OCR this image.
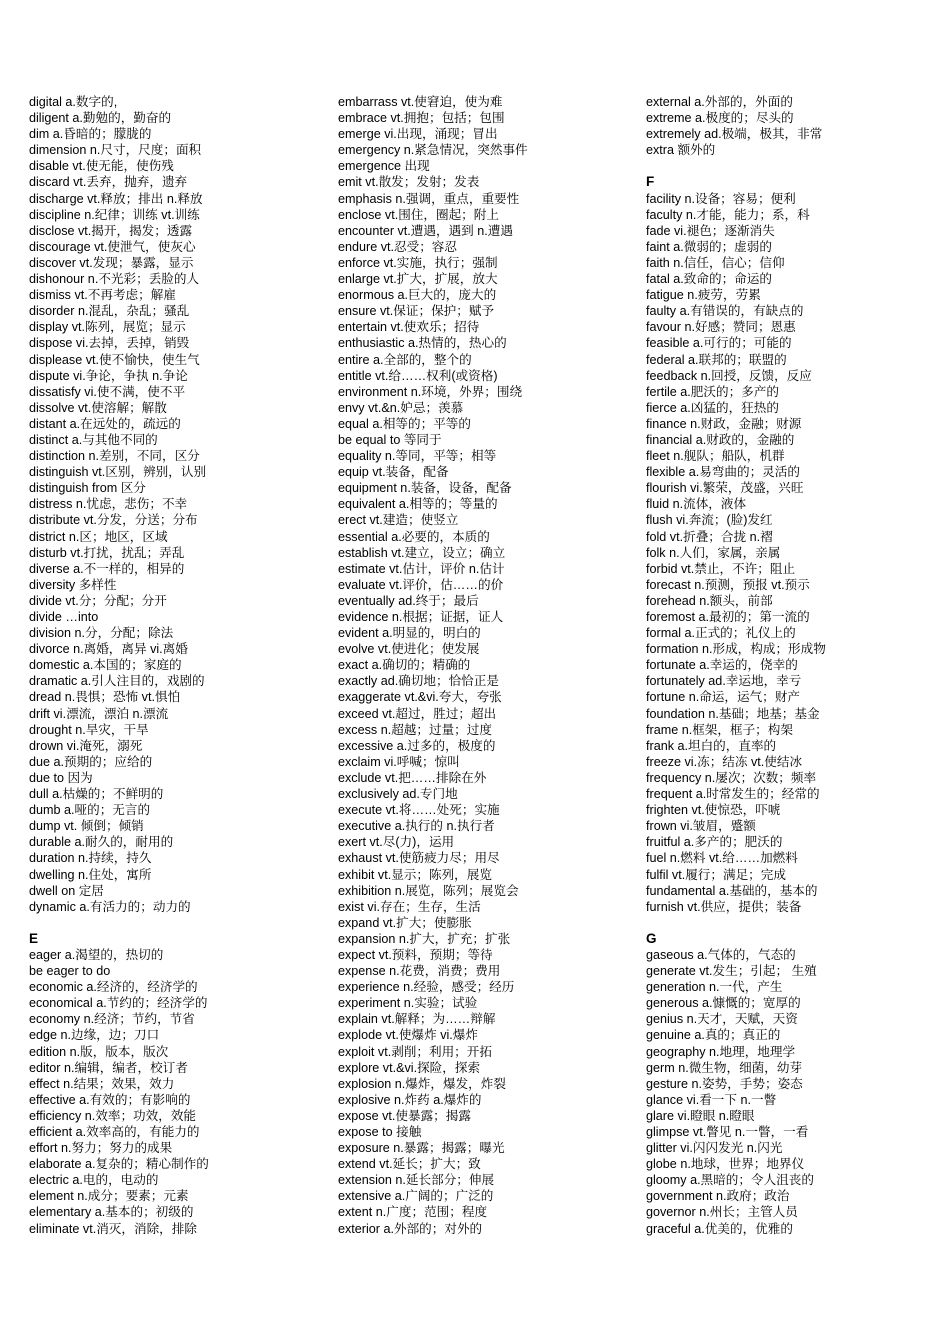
digital a.数字的,
diligent a.勤勉的，勤奋的
dim a.昏暗的；朦胧的
dimension n.尺寸，尺度；面积
disable vt.使无能，使伤残
discard vt.丢弃，抛弃，遗弃
discharge vt.释放；排出 n.释放
discipline n.纪律；训练 vt.训练
disclose vt.揭开，揭发；透露
discourage vt.使泄气，使灰心
discover vt.发现；暴露，显示
dishonour n.不光彩；丢脸的人
dismiss vt.不再考虑；解雇
disorder n.混乱，杂乱；骚乱
display vt.陈列，展览；显示
dispose vi.去掉，丢掉，销毁
displease vt.使不愉快，使生气
dispute vi.争论，争执 n.争论
dissatisfy vi.使不满，使不平
dissolve vt.使溶解；解散
distant a.在远处的，疏远的
distinct a.与其他不同的
distinction n.差别，不同，区分
distinguish vt.区别，辨别，认别
distinguish from 区分
distress n.忧虑，悲伤；不幸
distribute vt.分发，分送；分布
district n.区；地区，区域
disturb vt.打扰，扰乱；弄乱
diverse a.不一样的，相异的
diversity 多样性
divide vt.分；分配；分开
divide …into
division n.分，分配；除法
divorce n.离婚，离异 vi.离婚
domestic a.本国的；家庭的
dramatic a.引人注目的，戏剧的
dread n.畏惧；恐怖 vt.惧怕
drift vi.漂流，漂泊 n.漂流
drought n.旱灾，干旱
drown vi.淹死，溺死
due a.预期的；应给的
due to 因为
dull a.枯燥的；不鲜明的
dumb a.哑的；无言的
dump vt. 倾倒；倾销
durable a.耐久的，耐用的
duration n.持续，持久
dwelling n.住处，寓所
dwell on 定居
dynamic a.有活力的；动力的
E
eager a.渴望的，热切的
be eager to do
economic a.经济的，经济学的
economical a.节约的；经济学的
economy n.经济；节约，节省
edge n.边缘，边；刀口
edition n.版，版本，版次
editor n.编辑，编者，校订者
effect n.结果；效果，效力
effective a.有效的；有影响的
efficiency n.效率；功效，效能
efficient a.效率高的，有能力的
effort n.努力；努力的成果
elaborate a.复杂的；精心制作的
electric a.电的，电动的
element n.成分；要素；元素
elementary a.基本的；初级的
eliminate vt.消灭，消除，排除
embarrass vt.使窘迫，使为难
embrace vt.拥抱；包括；包围
emerge vi.出现，涌现；冒出
emergency n.紧急情况，突然事件
emergence 出现
emit vt.散发；发射；发表
emphasis n.强调，重点，重要性
enclose vt.围住，圈起；附上
encounter vt.遭遇，遇到 n.遭遇
endure vt.忍受；容忍
enforce vt.实施，执行；强制
enlarge vt.扩大，扩展，放大
enormous a.巨大的，庞大的
ensure vt.保证；保护；赋予
entertain vt.使欢乐；招待
enthusiastic a.热情的，热心的
entire a.全部的，整个的
entitle vt.给……权利(或资格)
environment n.环境，外界；围绕
envy vt.&n.妒忌；羡慕
equal a.相等的；平等的
be equal to 等同于
equality n.等同，平等；相等
equip vt.装备，配备
equipment n.装备，设备，配备
equivalent a.相等的；等量的
erect vt.建造；使竖立
essential a.必要的，本质的
establish vt.建立，设立；确立
estimate vt.估计，评价 n.估计
evaluate vt.评价，估……的价
eventually ad.终于；最后
evidence n.根据；证据，证人
evident a.明显的，明白的
evolve vt.使进化；使发展
exact a.确切的；精确的
exactly ad.确切地；恰恰正是
exaggerate vt.&vi.夸大，夸张
exceed vt.超过，胜过；超出
excess n.超越；过量；过度
excessive a.过多的，极度的
exclaim vi.呼喊；惊叫
exclude vt.把……排除在外
exclusively ad.专门地
execute vt.将……处死；实施
executive a.执行的 n.执行者
exert vt.尽(力)，运用
exhaust vt.使筋疲力尽；用尽
exhibit vt.显示；陈列，展览
exhibition n.展览，陈列；展览会
exist vi.存在；生存，生活
expand vt.扩大；使膨胀
expansion n.扩大，扩充；扩张
expect vt.预料，预期；等待
expense n.花费，消费；费用
experience n.经验，感受；经历
experiment n.实验；试验
explain vt.解释；为……辩解
explode vt.使爆炸 vi.爆炸
exploit vt.剥削；利用；开拓
explore vt.&vi.探险，探索
explosion n.爆炸，爆发，炸裂
explosive n.炸药 a.爆炸的
expose vt.使暴露；揭露
expose to 接触
exposure n.暴露；揭露；曝光
extend vt.延长；扩大；致
extension n.延长部分；伸展
extensive a.广阔的；广泛的
extent n.广度；范围；程度
exterior a.外部的；对外的
external a.外部的，外面的
extreme a.极度的；尽头的
extremely ad.极端，极其，非常
extra 额外的
F
facility n.设备；容易；便利
faculty n.才能，能力；系，科
fade vi.褪色；逐渐消失
faint a.微弱的；虚弱的
faith n.信任，信心；信仰
fatal a.致命的；命运的
fatigue n.疲劳，劳累
faulty a.有错误的，有缺点的
favour n.好感；赞同；恩惠
feasible a.可行的；可能的
federal a.联邦的；联盟的
feedback n.回授，反馈，反应
fertile a.肥沃的；多产的
fierce a.凶猛的，狂热的
finance n.财政，金融；财源
financial a.财政的，金融的
fleet n.舰队；船队，机群
flexible a.易弯曲的；灵活的
flourish vi.繁荣，茂盛，兴旺
fluid n.流体，液体
flush vi.奔流；(脸)发红
fold vt.折叠；合拢 n.褶
folk n.人们，家属，亲属
forbid vt.禁止，不许；阻止
forecast n.预测，预报 vt.预示
forehead n.额头，前部
foremost a.最初的；第一流的
formal a.正式的；礼仪上的
formation n.形成，构成；形成物
fortunate a.幸运的，侥幸的
fortunately ad.幸运地，幸亏
fortune n.命运，运气；财产
foundation n.基础；地基；基金
frame n.框架，框子；构架
frank a.坦白的，直率的
freeze vi.冻；结冻 vt.使结冰
frequency n.屡次；次数；频率
frequent a.时常发生的；经常的
frighten vt.使惊恐，吓唬
frown vi.皱眉，蹙额
fruitful a.多产的；肥沃的
fuel n.燃料 vt.给……加燃料
fulfil vt.履行；满足；完成
fundamental a.基础的，基本的
furnish vt.供应，提供；装备
G
gaseous a.气体的，气态的
generate vt.发生；引起； 生殖
generation n.一代，产生
generous a.慷慨的；宽厚的
genius n.天才，天赋，天资
genuine a.真的；真正的
geography n.地理，地理学
germ n.微生物，细菌，幼芽
gesture n.姿势，手势；姿态
glance vi.看一下 n.一瞥
glare vi.瞪眼 n.瞪眼
glimpse vt.瞥见 n.一瞥，一看
glitter vi.闪闪发光 n.闪光
globe n.地球，世界；地界仪
gloomy a.黑暗的；令人沮丧的
government n.政府；政治
governor n.州长；主管人员
graceful a.优美的，优雅的
